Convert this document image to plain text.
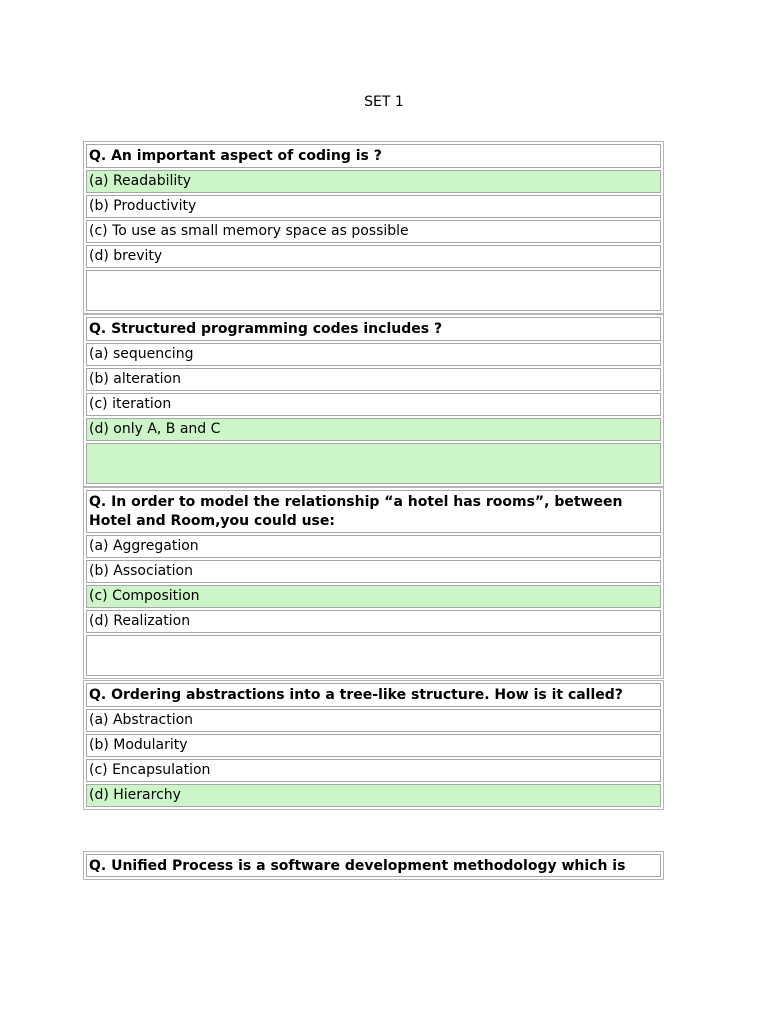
SET 1
Q. An important aspect of coding is ?
(a) Readability
(b) Productivity
(c) To use as small memory space as possible
(d) brevity

Q. Structured programming codes includes ?
(a) sequencing
(b) alteration
(c) iteration
(d) only A, B and C

Q. In order to model the relationship “a hotel has rooms”, between Hotel and Room,you could use:
(a) Aggregation
(b) Association
(c) Composition
(d) Realization

Q. Ordering abstractions into a tree-like structure. How is it called?
(a) Abstraction
(b) Modularity
(c) Encapsulation
(d) Hierarchy
Q. Unified Process is a software development methodology which is
